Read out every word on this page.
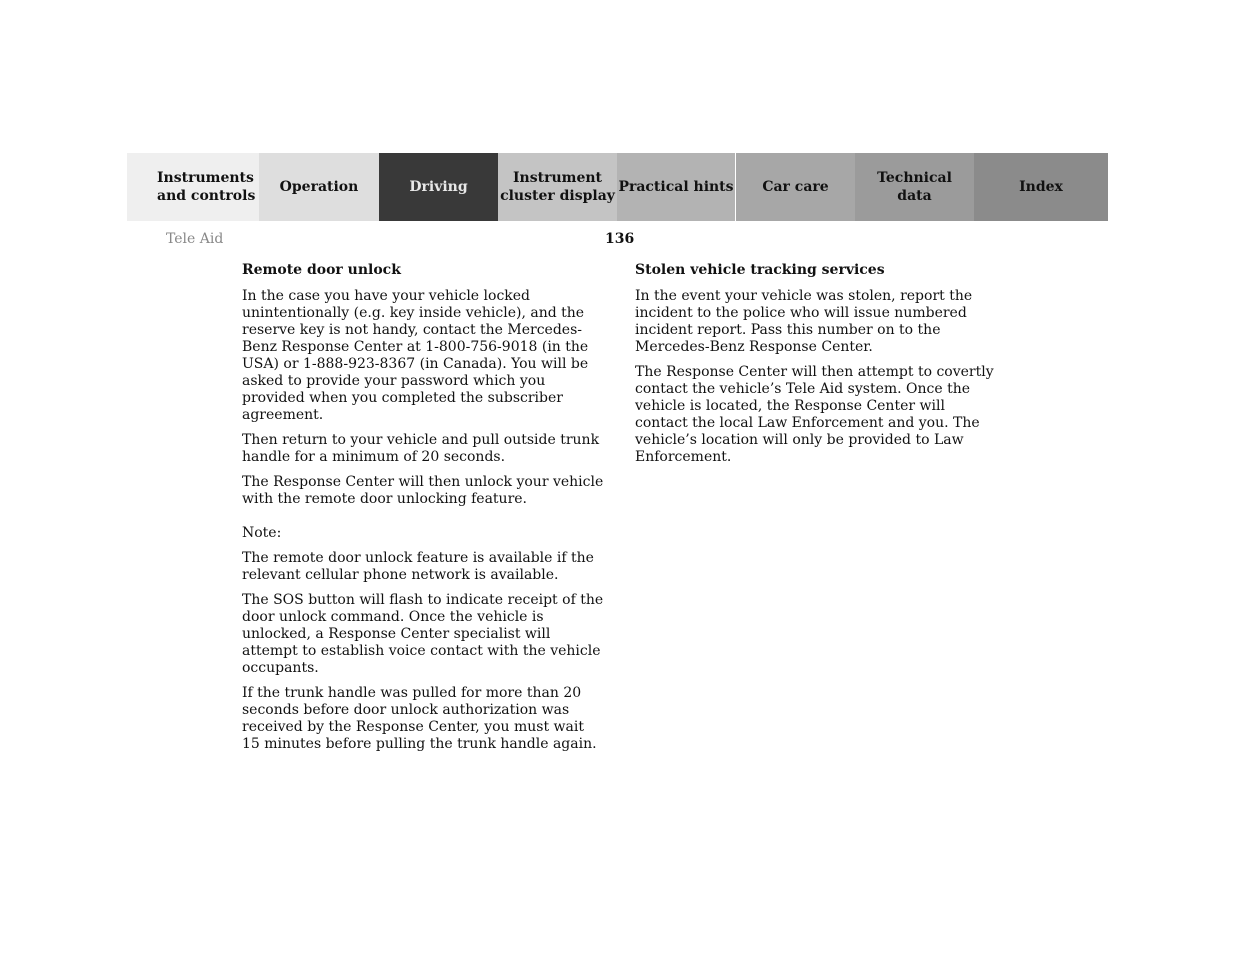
Instruments
and controls
Operation	Driving
Instrument
cluster display
Practical hints	Car care
Technical
data
Index
Tele Aid	136
Remote door unlock

In the case you have your vehicle locked unintentionally (e.g. key inside vehicle), and the reserve key is not handy, contact the Mercedes-Benz Response Center at 1-800-756-9018 (in the USA) or 1-888-923-8367 (in Canada). You will be asked to provide your password which you provided when you completed the subscriber agreement.

Then return to your vehicle and pull outside trunk handle for a minimum of 20 seconds.

The Response Center will then unlock your vehicle with the remote door unlocking feature.

Note:

The remote door unlock feature is available if the relevant cellular phone network is available.

The SOS button will flash to indicate receipt of the door unlock command. Once the vehicle is unlocked, a Response Center specialist will attempt to establish voice contact with the vehicle occupants.

If the trunk handle was pulled for more than 20 seconds before door unlock authorization was received by the Response Center, you must wait 15 minutes before pulling the trunk handle again.

Stolen vehicle tracking services

In the event your vehicle was stolen, report the incident to the police who will issue numbered incident report. Pass this number on to the Mercedes-Benz Response Center.

The Response Center will then attempt to covertly contact the vehicle’s Tele Aid system. Once the vehicle is located, the Response Center will contact the local Law Enforcement and you. The vehicle’s location will only be provided to Law Enforcement.
